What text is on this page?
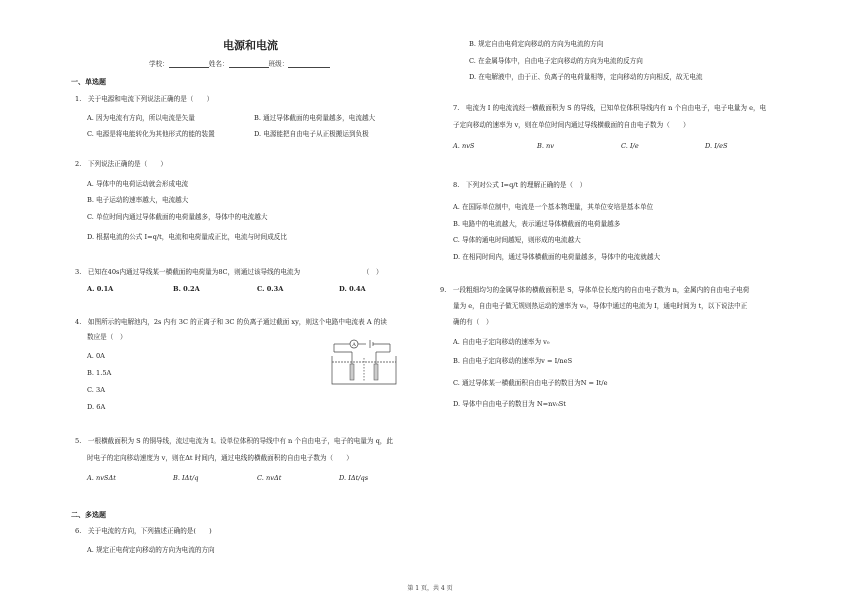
电源和电流
学校：	姓名：	班级：
一、单选题
1.　关于电源和电流下列说法正确的是（　　）
A. 因为电流有方向，所以电流是矢量	B. 通过导体截面的电荷量越多，电流越大
C. 电源是将电能转化为其他形式的能的装置	D. 电源能把自由电子从正极搬运到负极
2.　下列说法正确的是（　　）
A. 导体中的电荷运动就会形成电流
B. 电子运动的速率越大，电流越大
C. 单位时间内通过导体截面的电荷量越多，导体中的电流越大
D. 根据电流的公式 I=q/t，电流和电荷量成正比，电流与时间成反比
3.　已知在40s内通过导线某一横截面的电荷量为8C，则通过该导线的电流为　　　　　　　　　　（　）
A. 0.1A	B. 0.2A	C. 0.3A	D. 0.4A
4.　如图所示的电解池内，2s 内有 3C 的正离子和 3C 的负离子通过截面 xy，则这个电路中电流表 A 的读
数应是（　）
A. 0A
B. 1.5A
C. 3A
D. 6A
A
5.　一根横截面积为 S 的铜导线，流过电流为 I。设单位体积的导线中有 n 个自由电子，电子的电量为 q，此
时电子的定向移动速度为 v，则在Δt 时间内，通过电线的横截面积的自由电子数为（　　）
A. nvSΔt	B. IΔt/q	C. nvΔt	D. IΔt/qs
二、多选题
6.　关于电流的方向，下列描述正确的是(　　)
A. 规定正电荷定向移动的方向为电流的方向
B. 规定自由电荷定向移动的方向为电流的方向
C. 在金属导体中，自由电子定向移动的方向为电流的反方向
D. 在电解液中，由于正、负离子的电荷量相等，定向移动的方向相反，故无电流
7.　电流为 I 的电流流经一横截面积为 S 的导线，已知单位体积导线内有 n 个自由电子，电子电量为 e，电
子定向移动的速率为 v，则在单位时间内通过导线横截面的自由电子数为（　　）
A. nvS	B. nv	C. I/e	D. I/eS
8.　下列对公式 I=q/t 的理解正确的是（　）
A. 在国际单位制中，电流是一个基本物理量，其单位安培是基本单位
B. 电路中的电流越大，表示通过导体横截面的电荷量越多
C. 导体的通电时间越短，则形成的电流越大
D. 在相同时间内，通过导体横截面的电荷量越多，导体中的电流就越大
9.　一段粗细均匀的金属导体的横截面积是 S，导体单位长度内的自由电子数为 n，金属内的自由电子电荷
量为 e，自由电子做无规则热运动的速率为 v₀，导体中通过的电流为 I，通电时间为 t，以下说法中正
确的有（　）
A. 自由电子定向移动的速率为 v₀
B. 自由电子定向移动的速率为v = I/neS
C. 通过导体某一横截面积自由电子的数目为N = It/e
D. 导体中自由电子的数目为 N=nv₀St
第 1 页，共 4 页
